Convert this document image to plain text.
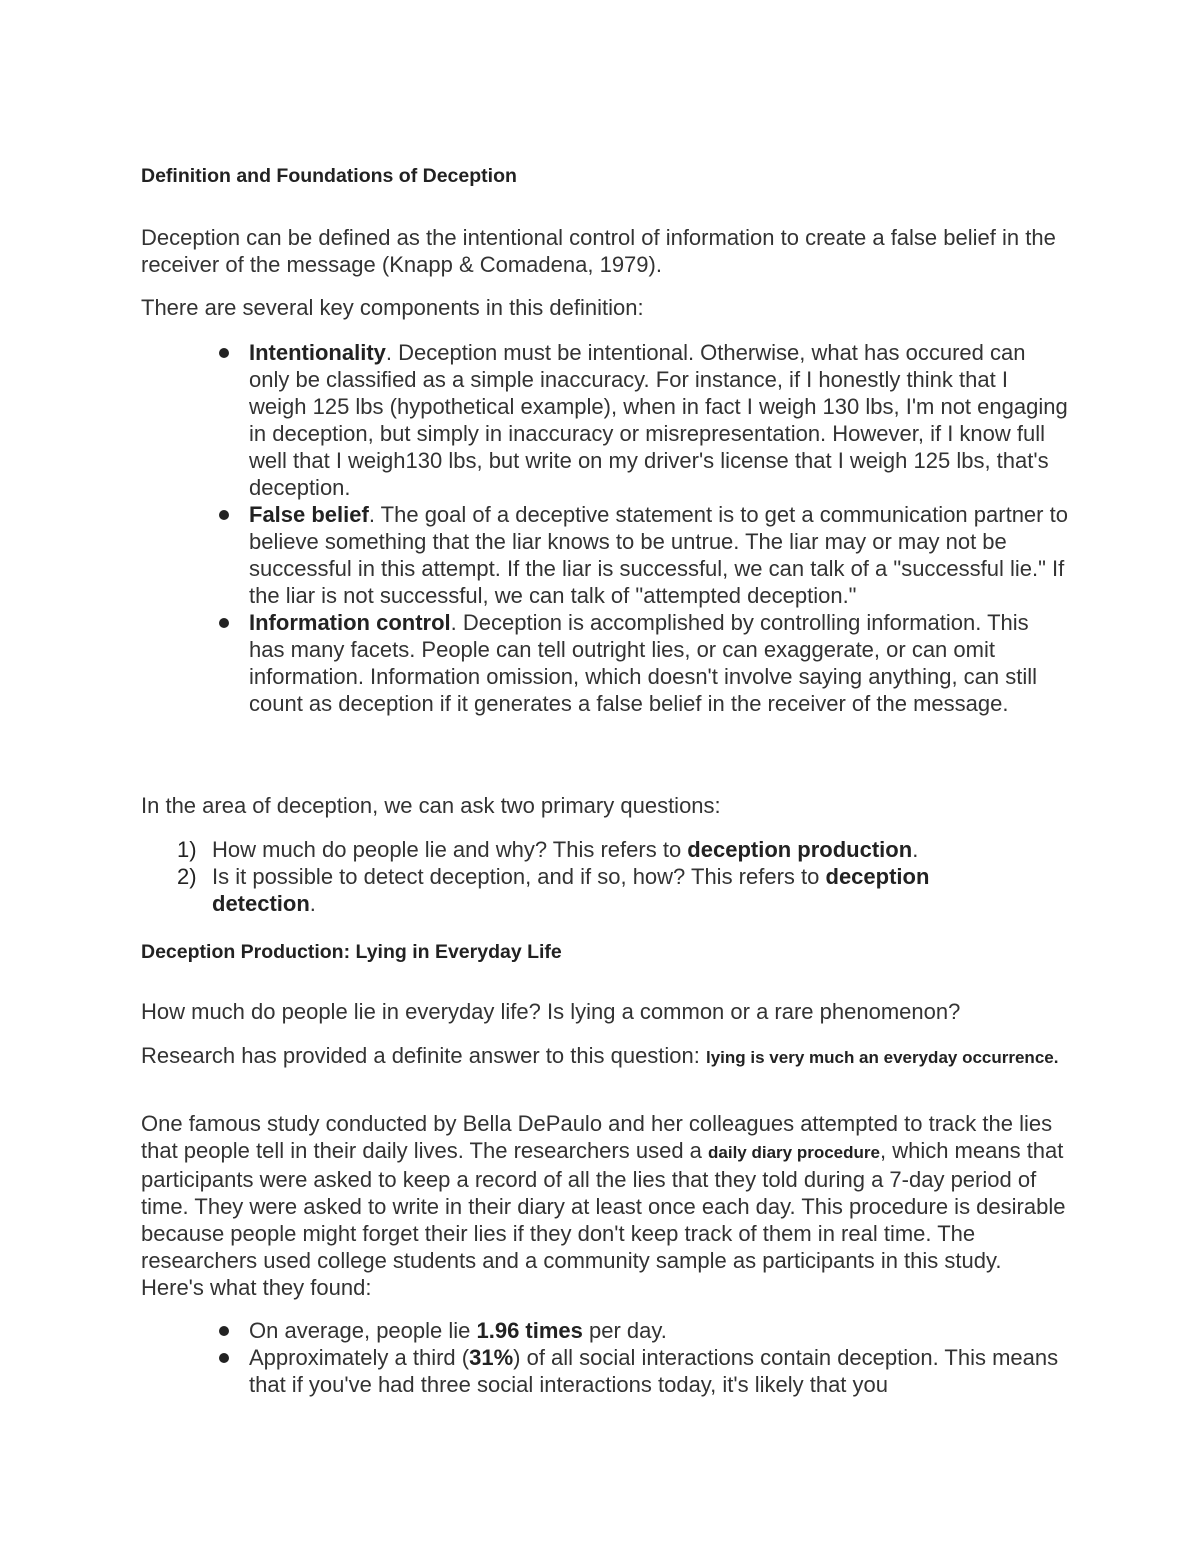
Definition and Foundations of Deception

Deception can be defined as the intentional control of information to create a false belief in the receiver of the message (Knapp & Comadena, 1979).

There are several key components in this definition:

Intentionality. Deception must be intentional. Otherwise, what has occured can only be classified as a simple inaccuracy. For instance, if I honestly think that I weigh 125 lbs (hypothetical example), when in fact I weigh 130 lbs, I'm not engaging in deception, but simply in inaccuracy or misrepresentation. However, if I know full well that I weigh130 lbs, but write on my driver's license that I weigh 125 lbs, that's deception.
False belief. The goal of a deceptive statement is to get a communication partner to believe something that the liar knows to be untrue. The liar may or may not be successful in this attempt. If the liar is successful, we can talk of a "successful lie." If the liar is not successful, we can talk of "attempted deception."
Information control. Deception is accomplished by controlling information. This has many facets. People can tell outright lies, or can exaggerate, or can omit information. Information omission, which doesn't involve saying anything, can still count as deception if it generates a false belief in the receiver of the message.

In the area of deception, we can ask two primary questions:

1) How much do people lie and why? This refers to deception production.
2) Is it possible to detect deception, and if so, how? This refers to deception detection.
Deception Production: Lying in Everyday Life

How much do people lie in everyday life? Is lying a common or a rare phenomenon?

Research has provided a definite answer to this question: lying is very much an everyday occurrence.

One famous study conducted by Bella DePaulo and her colleagues attempted to track the lies that people tell in their daily lives. The researchers used a daily diary procedure, which means that participants were asked to keep a record of all the lies that they told during a 7-day period of time. They were asked to write in their diary at least once each day. This procedure is desirable because people might forget their lies if they don't keep track of them in real time. The researchers used college students and a community sample as participants in this study. Here's what they found:

On average, people lie 1.96 times per day.
Approximately a third (31%) of all social interactions contain deception. This means that if you've had three social interactions today, it's likely that you
